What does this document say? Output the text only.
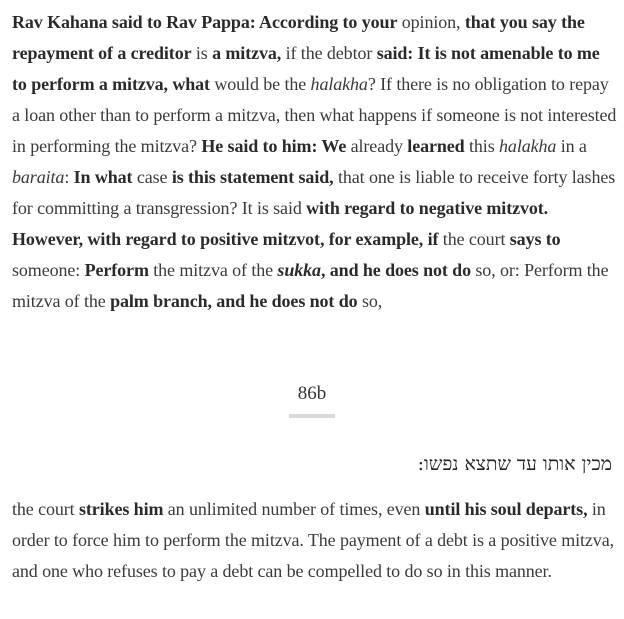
Rav Kahana said to Rav Pappa: According to your opinion, that you say the repayment of a creditor is a mitzva, if the debtor said: It is not amenable to me to perform a mitzva, what would be the halakha? If there is no obligation to repay a loan other than to perform a mitzva, then what happens if someone is not interested in performing the mitzva? He said to him: We already learned this halakha in a baraita: In what case is this statement said, that one is liable to receive forty lashes for committing a transgression? It is said with regard to negative mitzvot. However, with regard to positive mitzvot, for example, if the court says to someone: Perform the mitzva of the sukka, and he does not do so, or: Perform the mitzva of the palm branch, and he does not do so,

86b
מכין אותו עד שתצא נפשו:

the court strikes him an unlimited number of times, even until his soul departs, in order to force him to perform the mitzva. The payment of a debt is a positive mitzva, and one who refuses to pay a debt can be compelled to do so in this manner.
